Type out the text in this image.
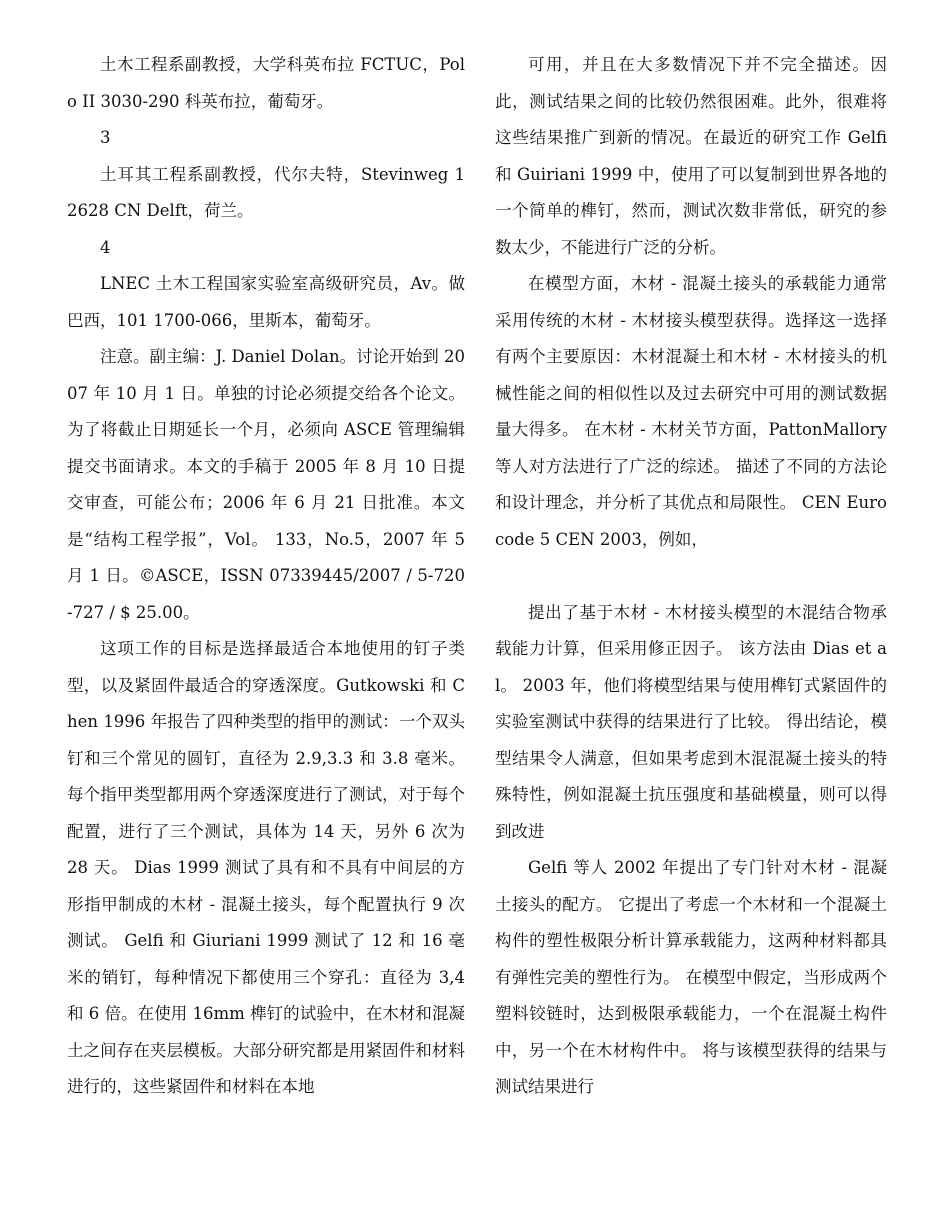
土木工程系副教授，大学科英布拉 FCTUC，Polo II 3030-290 科英布拉，葡萄牙。

3

土耳其工程系副教授，代尔夫特，Stevinweg 1 2628 CN Delft，荷兰。

4

LNEC 土木工程国家实验室高级研究员，Av。做巴西，101 1700-066，里斯本，葡萄牙。

注意。副主编：J. Daniel Dolan。讨论开始到 2007 年 10 月 1 日。单独的讨论必须提交给各个论文。为了将截止日期延长一个月，必须向 ASCE 管理编辑提交书面请求。本文的手稿于 2005 年 8 月 10 日提交审查，可能公布；2006 年 6 月 21 日批准。本文是“结构工程学报”，Vol。 133，No.5，2007 年 5 月 1 日。©ASCE，ISSN 07339445/2007 / 5-720-727 / $ 25.00。

这项工作的目标是选择最适合本地使用的钉子类型，以及紧固件最适合的穿透深度。Gutkowski 和 Chen 1996 年报告了四种类型的指甲的测试：一个双头钉和三个常见的圆钉，直径为 2.9,3.3 和 3.8 毫米。每个指甲类型都用两个穿透深度进行了测试，对于每个配置，进行了三个测试，具体为 14 天，另外 6 次为 28 天。 Dias 1999 测试了具有和不具有中间层的方形指甲制成的木材 - 混凝土接头，每个配置执行 9 次测试。 Gelfi 和 Giuriani 1999 测试了 12 和 16 毫米的销钉，每种情况下都使用三个穿孔：直径为 3,4 和 6 倍。在使用 16mm 榫钉的试验中，在木材和混凝土之间存在夹层模板。大部分研究都是用紧固件和材料进行的，这些紧固件和材料在本地

可用，并且在大多数情况下并不完全描述。因此，测试结果之间的比较仍然很困难。此外，很难将这些结果推广到新的情况。在最近的研究工作 Gelfi 和 Guiriani 1999 中，使用了可以复制到世界各地的一个简单的榫钉，然而，测试次数非常低，研究的参数太少，不能进行广泛的分析。

在模型方面，木材 - 混凝土接头的承载能力通常采用传统的木材 - 木材接头模型获得。选择这一选择有两个主要原因：木材混凝土和木材 - 木材接头的机械性能之间的相似性以及过去研究中可用的测试数据量大得多。 在木材 - 木材关节方面，PattonMallory 等人对方法进行了广泛的综述。 描述了不同的方法论和设计理念，并分析了其优点和局限性。 CEN Eurocode 5 CEN 2003，例如，

提出了基于木材 - 木材接头模型的木混结合物承载能力计算，但采用修正因子。 该方法由 Dias et al。 2003 年，他们将模型结果与使用榫钉式紧固件的实验室测试中获得的结果进行了比较。 得出结论，模型结果令人满意，但如果考虑到木混混凝土接头的特殊特性，例如混凝土抗压强度和基础模量，则可以得到改进

Gelfi 等人 2002 年提出了专门针对木材 - 混凝土接头的配方。 它提出了考虑一个木材和一个混凝土构件的塑性极限分析计算承载能力，这两种材料都具有弹性完美的塑性行为。 在模型中假定，当形成两个塑料铰链时，达到极限承载能力，一个在混凝土构件中，另一个在木材构件中。 将与该模型获得的结果与测试结果进行
